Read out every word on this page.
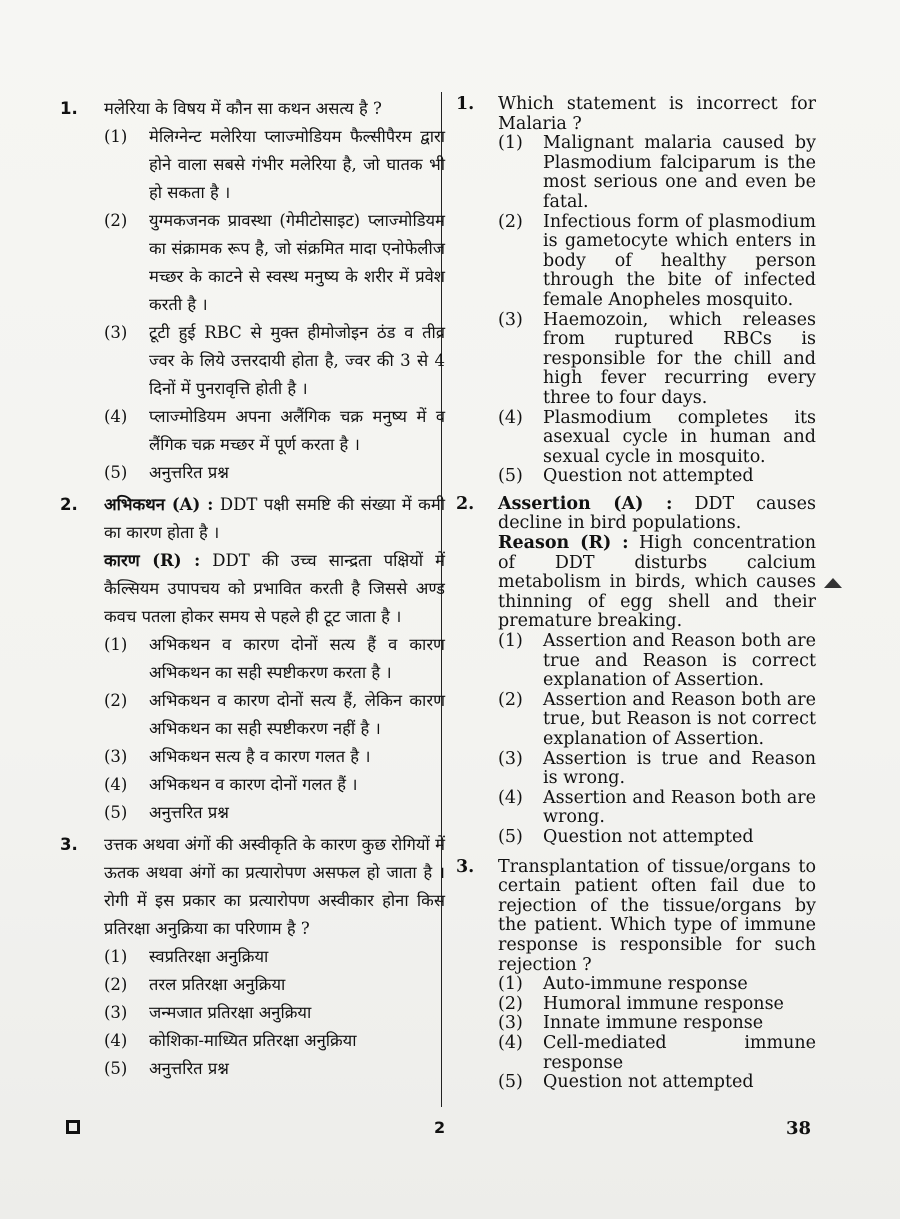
1.	मलेरिया के विषय में कौन सा कथन असत्य है ?
(1)	मेलिग्नेन्ट मलेरिया प्लाज्मोडियम फैल्सीपैरम द्वारा होने वाला सबसे गंभीर मलेरिया है, जो घातक भी हो सकता है ।
(2)	युग्मकजनक प्रावस्था (गेमीटोसाइट) प्लाज्मोडियम का संक्रामक रूप है, जो संक्रमित मादा एनोफेलीज मच्छर के काटने से स्वस्थ मनुष्य के शरीर में प्रवेश करती है ।
(3)	टूटी हुई RBC से मुक्त हीमोजोइन ठंड व तीव्र ज्वर के लिये उत्तरदायी होता है, ज्वर की 3 से 4 दिनों में पुनरावृत्ति होती है ।
(4)	प्लाज्मोडियम अपना अलैंगिक चक्र मनुष्य में व लैंगिक चक्र मच्छर में पूर्ण करता है ।
(5)	अनुत्तरित प्रश्न
2.	अभिकथन (A) : DDT पक्षी समष्टि की संख्या में कमी का कारण होता है ।
कारण (R) : DDT की उच्च सान्द्रता पक्षियों में कैल्सियम उपापचय को प्रभावित करती है जिससे अण्ड कवच पतला होकर समय से पहले ही टूट जाता है ।
(1)	अभिकथन व कारण दोनों सत्य हैं व कारण अभिकथन का सही स्पष्टीकरण करता है ।
(2)	अभिकथन व कारण दोनों सत्य हैं, लेकिन कारण अभिकथन का सही स्पष्टीकरण नहीं है ।
(3)	अभिकथन सत्य है व कारण गलत है ।
(4)	अभिकथन व कारण दोनों गलत हैं ।
(5)	अनुत्तरित प्रश्न
3.	उत्तक अथवा अंगों की अस्वीकृति के कारण कुछ रोगियों में ऊतक अथवा अंगों का प्रत्यारोपण असफल हो जाता है । रोगी में इस प्रकार का प्रत्यारोपण अस्वीकार होना किस प्रतिरक्षा अनुक्रिया का परिणाम है ?
(1)	स्वप्रतिरक्षा अनुक्रिया
(2)	तरल प्रतिरक्षा अनुक्रिया
(3)	जन्मजात प्रतिरक्षा अनुक्रिया
(4)	कोशिका-माध्यित प्रतिरक्षा अनुक्रिया
(5)	अनुत्तरित प्रश्न
1.	Which statement is incorrect for Malaria ?
(1)	Malignant malaria caused by Plasmodium falciparum is the most serious one and even be fatal.
(2)	Infectious form of plasmodium is gametocyte which enters in body of healthy person through the bite of infected female Anopheles mosquito.
(3)	Haemozoin, which releases from ruptured RBCs is responsible for the chill and high fever recurring every three to four days.
(4)	Plasmodium completes its asexual cycle in human and sexual cycle in mosquito.
(5)	Question not attempted
2.	Assertion (A) : DDT causes decline in bird populations.
Reason (R) : High concentration of DDT disturbs calcium metabolism in birds, which causes thinning of egg shell and their premature breaking.
(1)	Assertion and Reason both are true and Reason is correct explanation of Assertion.
(2)	Assertion and Reason both are true, but Reason is not correct explanation of Assertion.
(3)	Assertion is true and Reason is wrong.
(4)	Assertion and Reason both are wrong.
(5)	Question not attempted
3.	Transplantation of tissue/organs to certain patient often fail due to rejection of the tissue/organs by the patient. Which type of immune response is responsible for such rejection ?
(1)	Auto-immune response
(2)	Humoral immune response
(3)	Innate immune response
(4)	Cell-mediated immune response
(5)	Question not attempted
2	38
